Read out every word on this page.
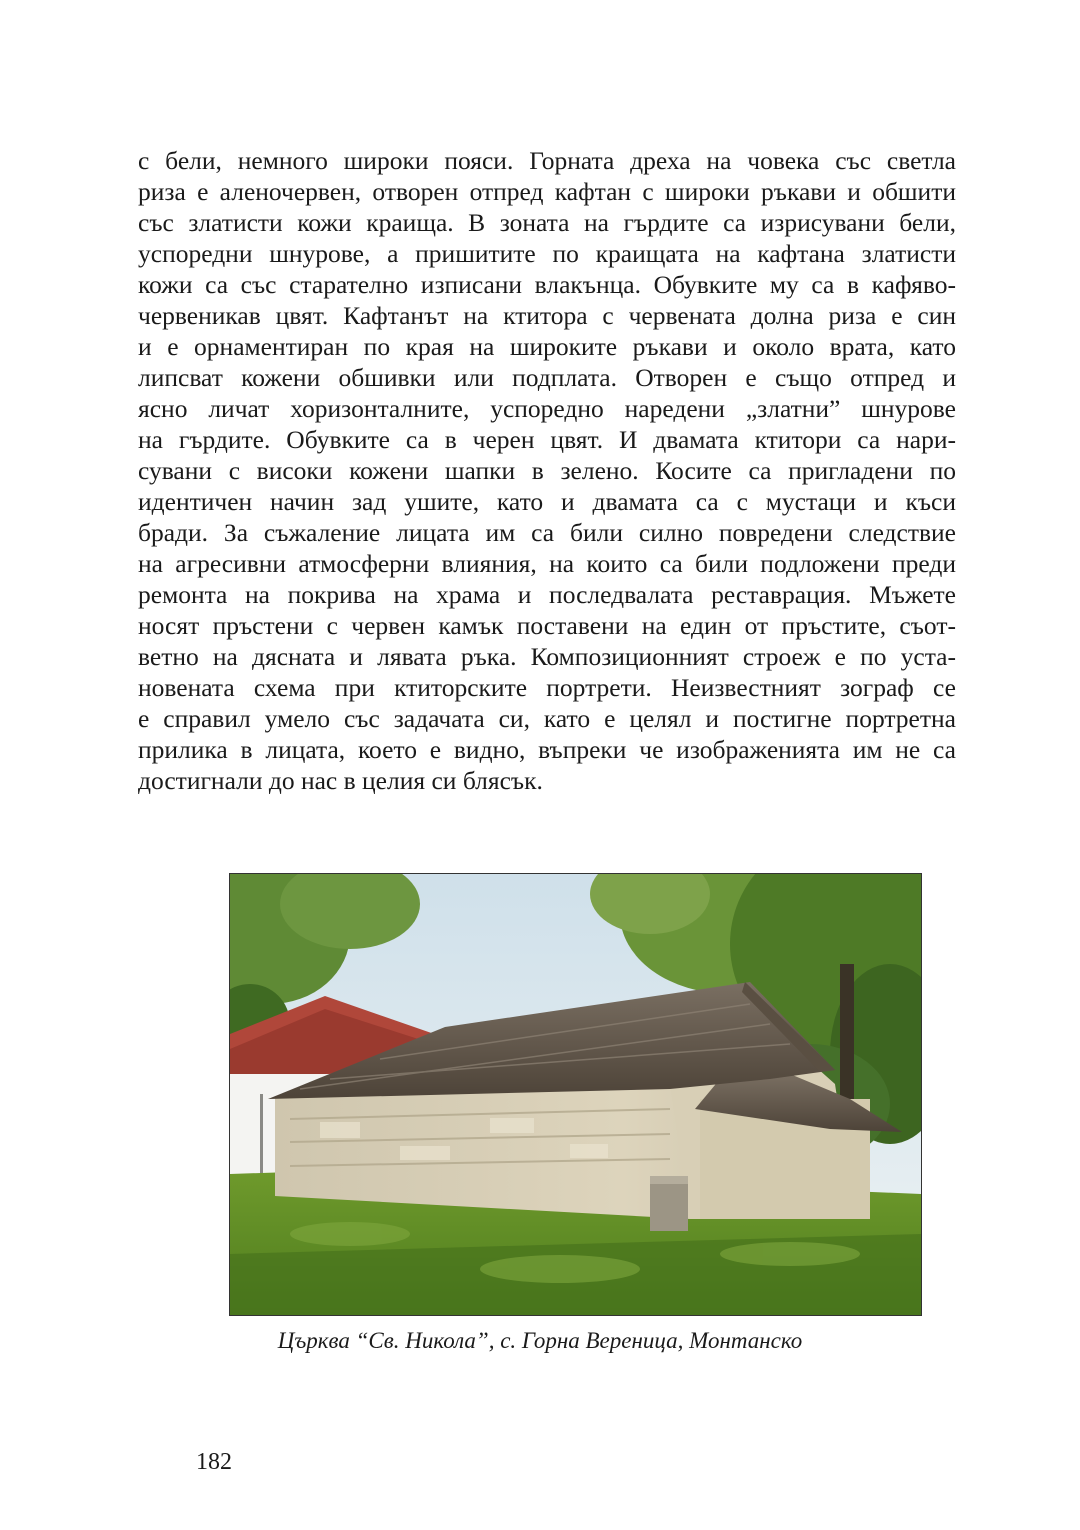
с бели, немного широки пояси. Горната дреха на човека със светла
риза е аленочервен, отворен отпред кафтан с широки ръкави и обшити
със златисти кожи краища. В зоната на гърдите са изрисувани бели,
успоредни шнурове, а пришитите по краищата на кафтана златисти
кожи са със старателно изписани влакънца. Обувките му са в кафяво-
червеникав цвят. Кафтанът на ктитора с червената долна риза е син
и е орнаментиран по края на широките ръкави и около врата, като
липсват кожени обшивки или подплата. Отворен е също отпред и
ясно личат хоризонталните, успоредно наредени „златни” шнурове
на гърдите. Обувките са в черен цвят. И двамата ктитори са нари-
сувани с високи кожени шапки в зелено. Косите са пригладени по
идентичен начин зад ушите, като и двамата са с мустаци и къси
бради. За съжаление лицата им са били силно повредени следствие
на агресивни атмосферни влияния, на които са били подложени преди
ремонта на покрива на храма и последвалата реставрация. Мъжете
носят пръстени с червен камък поставени на един от пръстите, съот-
ветно на дясната и лявата ръка. Композиционният строеж е по уста-
новената схема при ктиторските портрети. Неизвестният зограф се
е справил умело със задачата си, като е целял и постигне портретна
прилика в лицата, което е видно, въпреки че изображенията им не са
достигнали до нас в целия си блясък.
Църква “Св. Никола”, с. Горна Вереница, Монтанско
182
